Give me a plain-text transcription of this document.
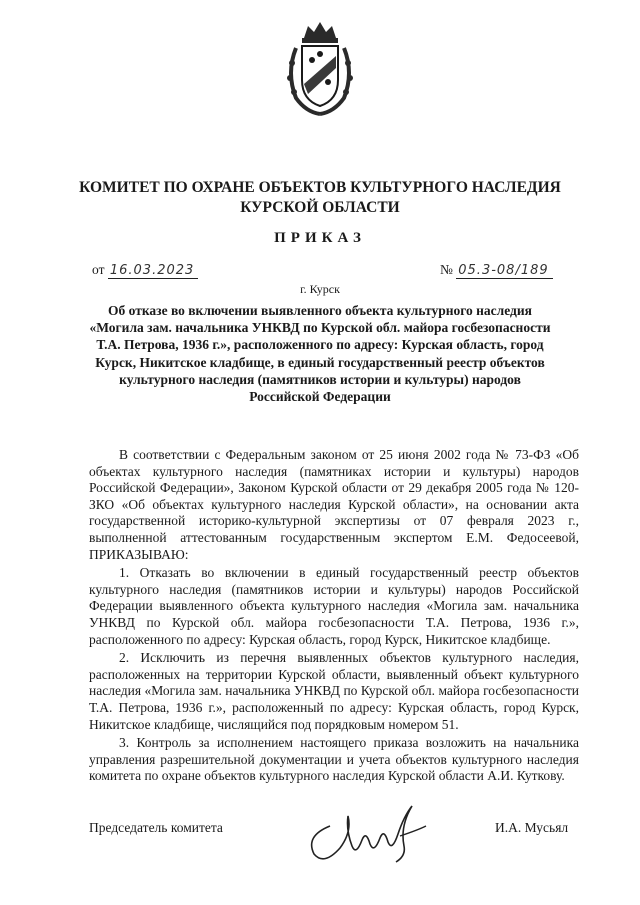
КОМИТЕТ ПО ОХРАНЕ ОБЪЕКТОВ КУЛЬТУРНОГО НАСЛЕДИЯ КУРСКОЙ ОБЛАСТИ
ПРИКАЗ
от 16.03.2023	№ 05.3-08/189
г. Курск
Об отказе во включении выявленного объекта культурного наследия «Могила зам. начальника УНКВД по Курской обл. майора госбезопасности Т.А. Петрова, 1936 г.», расположенного по адресу: Курская область, город Курск, Никитское кладбище, в единый государственный реестр объектов культурного наследия (памятников истории и культуры) народов Российской Федерации

В соответствии с Федеральным законом от 25 июня 2002 года № 73-ФЗ «Об объектах культурного наследия (памятниках истории и культуры) народов Российской Федерации», Законом Курской области от 29 декабря 2005 года № 120-ЗКО «Об объектах культурного наследия Курской области», на основании акта государственной историко-культурной экспертизы от 07 февраля 2023 г., выполненной аттестованным государственным экспертом Е.М. Федосеевой, ПРИКАЗЫВАЮ:

1. Отказать во включении в единый государственный реестр объектов культурного наследия (памятников истории и культуры) народов Российской Федерации выявленного объекта культурного наследия «Могила зам. начальника УНКВД по Курской обл. майора госбезопасности Т.А. Петрова, 1936 г.», расположенного по адресу: Курская область, город Курск, Никитское кладбище.

2. Исключить из перечня выявленных объектов культурного наследия, расположенных на территории Курской области, выявленный объект культурного наследия «Могила зам. начальника УНКВД по Курской обл. майора госбезопасности Т.А. Петрова, 1936 г.», расположенный по адресу: Курская область, город Курск, Никитское кладбище, числящийся под порядковым номером 51.

3. Контроль за исполнением настоящего приказа возложить на начальника управления разрешительной документации и учета объектов культурного наследия комитета по охране объектов культурного наследия Курской области А.И. Куткову.

Председатель комитета	И.А. Мусьял
